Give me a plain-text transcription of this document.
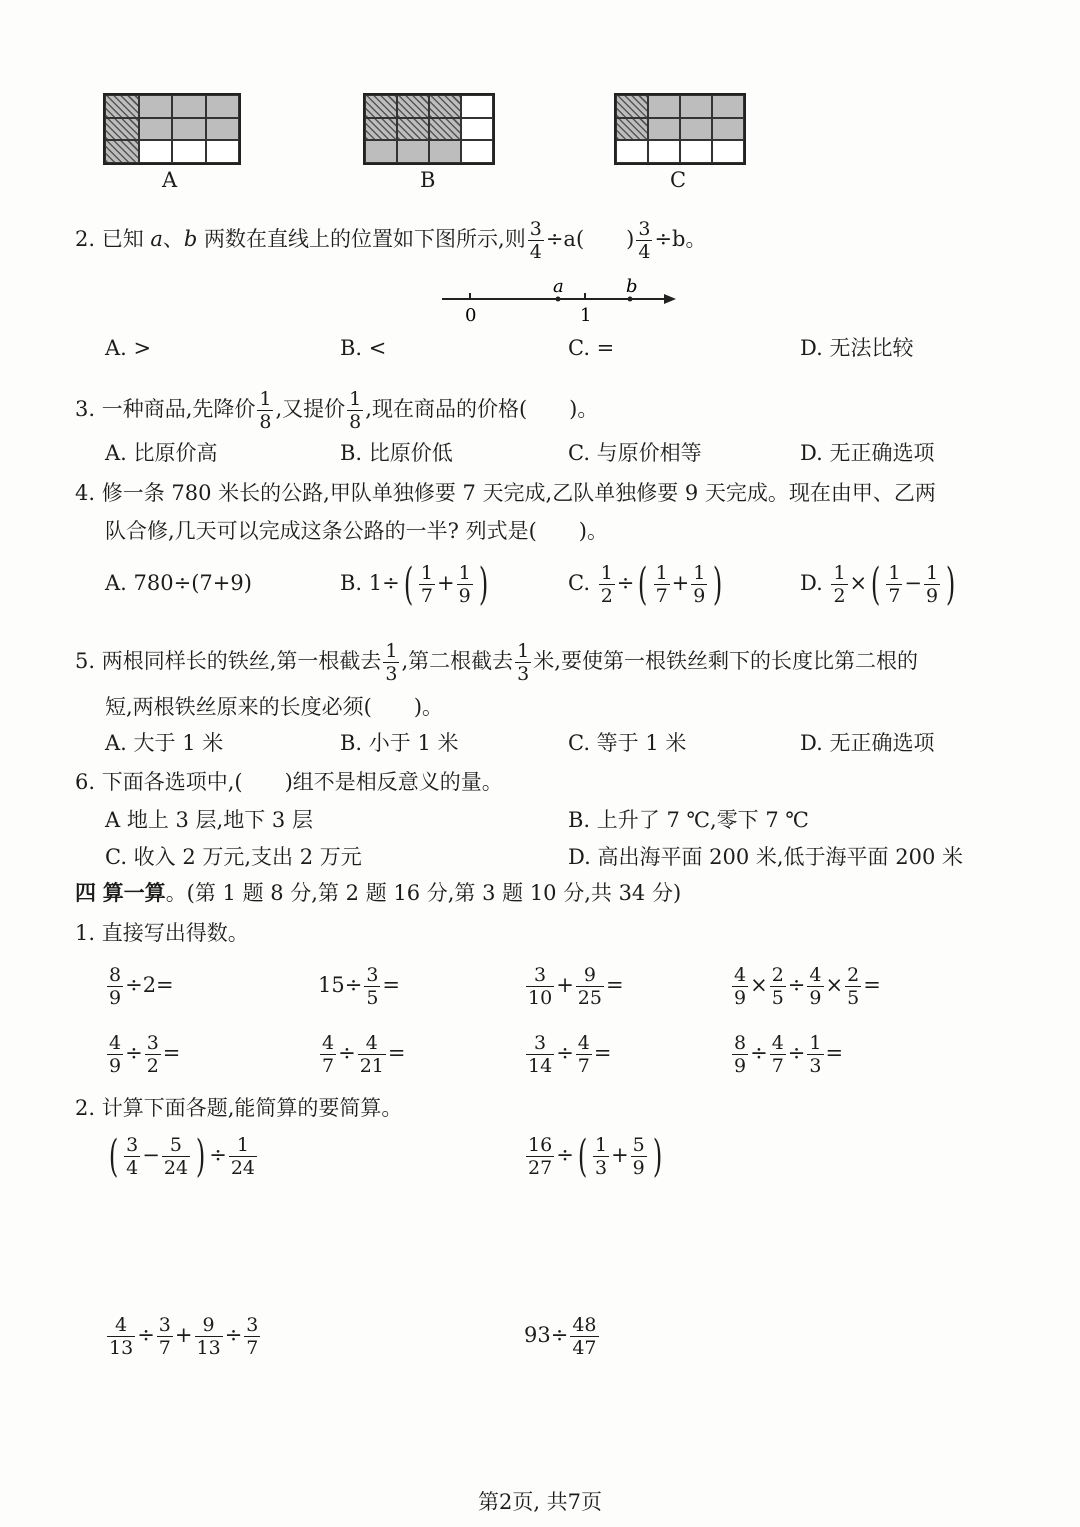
A	B	C
2. 已知 a、b 两数在直线上的位置如下图所示,则 $\frac{3}{4} \div a$(　　) $\frac{3}{4} \div b$。
0	1
a	b
A. >	B. <	C. =	D. 无法比较
3. 一种商品,先降价 $\frac{1}{8}$ ,又提价 $\frac{1}{8}$ ,现在商品的价格(　　)。
A. 比原价高	B. 比原价低	C. 与原价相等	D. 无正确选项
4. 修一条 780 米长的公路,甲队单独修要 7 天完成,乙队单独修要 9 天完成。现在由甲、乙两
队合修,几天可以完成这条公路的一半? 列式是(　　)。
A. 780÷(7+9)	B. $1\div( \frac{1}{7} + \frac{1}{9}$ )	C. $\frac{1}{2}$ ÷( $\frac{1}{7} + \frac{1}{9}$ )	D. $\frac{1}{2}$ ×( $\frac{1}{7} - \frac{1}{9}$ )
5. 两根同样长的铁丝,第一根截去 $\frac{1}{3}$ ,第二根截去 $\frac{1}{3}$ 米,要使第一根铁丝剩下的长度比第二根的
短,两根铁丝原来的长度必须(　　)。
A. 大于 1 米	B. 小于 1 米	C. 等于 1 米	D. 无正确选项
6. 下面各选项中,(　　)组不是相反意义的量。
A 地上 3 层,地下 3 层	B. 上升了 7 ℃,零下 7 ℃
C. 收入 2 万元,支出 2 万元	D. 高出海平面 200 米,低于海平面 200 米
四 算一算。(第 1 题 8 分,第 2 题 16 分,第 3 题 10 分,共 34 分)
1. 直接写出得数。
$\frac{8}{9} \div 2=$	$15\div \frac{3}{5}$ =	$\frac{3}{10} + \frac{9}{25}$ =	$\frac{4}{9} \times \frac{2}{5} \div \frac{4}{9} \times \frac{2}{5}$ =
$\frac{4}{9} \div \frac{3}{2}$ =	$\frac{4}{7} \div \frac{4}{21}$ =	$\frac{3}{14} \div \frac{4}{7}$ =	$\frac{8}{9} \div \frac{4}{7} \div \frac{1}{3}$ =
2. 计算下面各题,能简算的要简算。
( $\frac{3}{4} - \frac{5}{24}$ ) ÷ $\frac{1}{24}$	$\frac{16}{27}$ ÷( $\frac{1}{3} + \frac{5}{9}$ )
$\frac{4}{13} \div \frac{3}{7} + \frac{9}{13} \div \frac{3}{7}$	$93\div \frac{48}{47}$
第2页, 共7页
